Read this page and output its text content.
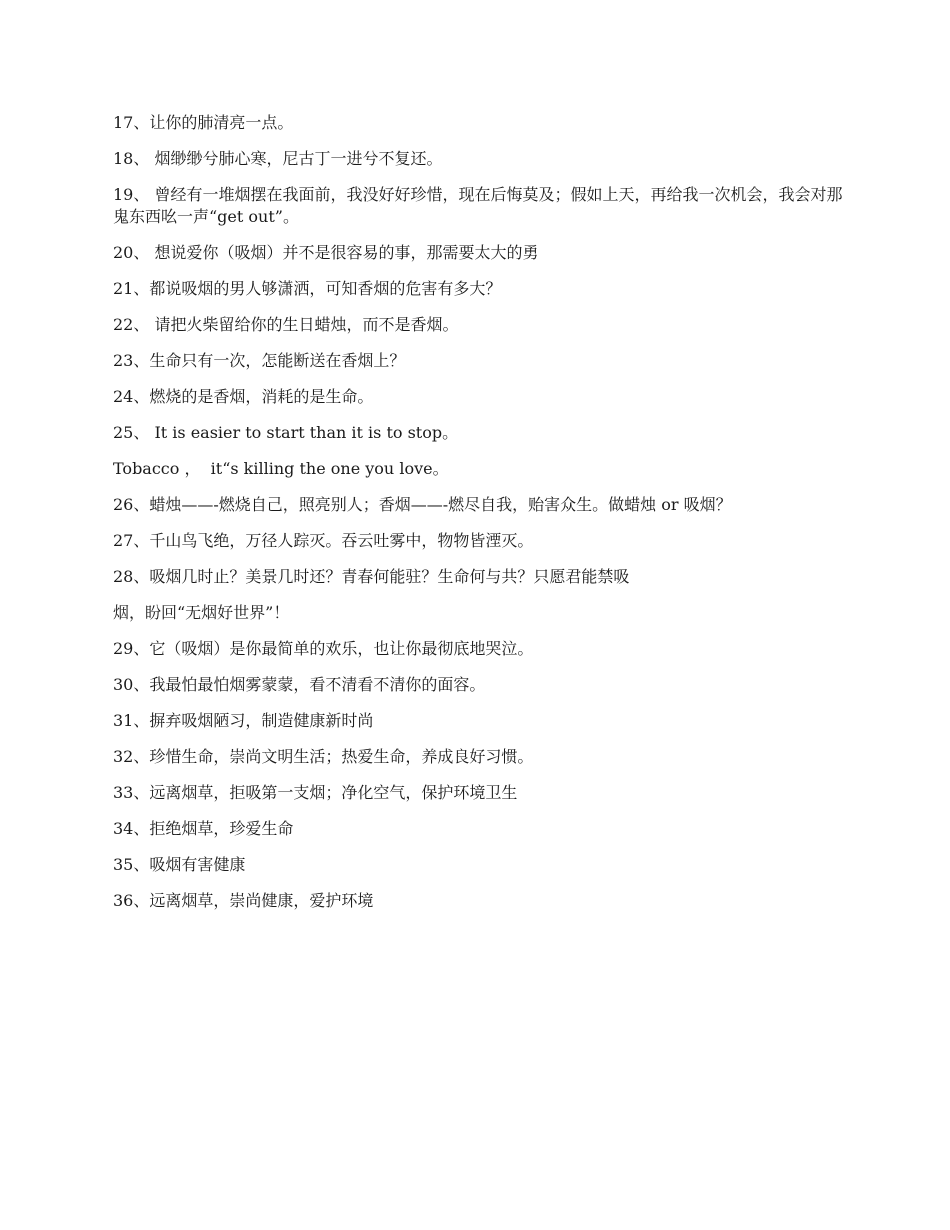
17、让你的肺清亮一点。

18、 烟缈缈兮肺心寒，尼古丁一进兮不复还。

19、 曾经有一堆烟摆在我面前，我没好好珍惜，现在后悔莫及；假如上天，再给我一次机会，我会对那鬼东西吆一声“get out”。

20、 想说爱你（吸烟）并不是很容易的事，那需要太大的勇

21、都说吸烟的男人够潇洒，可知香烟的危害有多大？

22、 请把火柴留给你的生日蜡烛，而不是香烟。

23、生命只有一次，怎能断送在香烟上？

24、燃烧的是香烟，消耗的是生命。

25、 It is easier to start than it is to stop。

Tobacco ，  it“s killing the one you love。

26、蜡烛——-燃烧自己，照亮别人；香烟——-燃尽自我，贻害众生。做蜡烛 or 吸烟？

27、千山鸟飞绝，万径人踪灭。吞云吐雾中，物物皆湮灭。

28、吸烟几时止？美景几时还？青春何能驻？生命何与共？只愿君能禁吸

烟，盼回“无烟好世界”！

29、它（吸烟）是你最简单的欢乐，也让你最彻底地哭泣。

30、我最怕最怕烟雾蒙蒙，看不清看不清你的面容。

31、摒弃吸烟陋习，制造健康新时尚

32、珍惜生命，崇尚文明生活；热爱生命，养成良好习惯。

33、远离烟草，拒吸第一支烟；净化空气，保护环境卫生

34、拒绝烟草，珍爱生命

35、吸烟有害健康

36、远离烟草，崇尚健康，爱护环境
